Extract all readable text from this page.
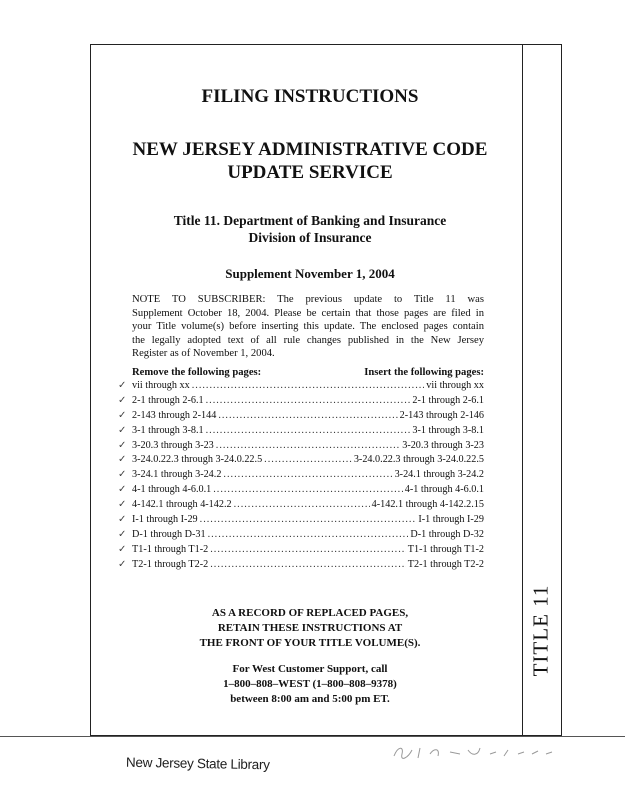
TITLE 11
FILING INSTRUCTIONS
NEW JERSEY ADMINISTRATIVE CODE
UPDATE SERVICE
Title 11. Department of Banking and Insurance
Division of Insurance
Supplement November 1, 2004
NOTE TO SUBSCRIBER: The previous update to Title 11 was
Supplement October 18, 2004. Please be certain that those pages are filed in
your Title volume(s) before inserting this update. The enclosed pages contain
the legally adopted text of all rule changes published in the New Jersey
Register as of November 1, 2004.
Remove the following pages:	Insert the following pages:
✓ vii through xx .....	vii through xx
✓ 2-1 through 2-6.1 .....	2-1 through 2-6.1
✓ 2-143 through 2-144 .....	2-143 through 2-146
✓ 3-1 through 3-8.1 .....	3-1 through 3-8.1
✓ 3-20.3 through 3-23 .....	3-20.3 through 3-23
✓ 3-24.0.22.3 through 3-24.0.22.5 .....	3-24.0.22.3 through 3-24.0.22.5
✓ 3-24.1 through 3-24.2 .....	3-24.1 through 3-24.2
✓ 4-1 through 4-6.0.1 .....	4-1 through 4-6.0.1
✓ 4-142.1 through 4-142.2 .....	4-142.1 through 4-142.2.15
✓ I-1 through I-29 .....	I-1 through I-29
✓ D-1 through D-31 .....	D-1 through D-32
✓ T1-1 through T1-2 .....	T1-1 through T1-2
✓ T2-1 through T2-2 .....	T2-1 through T2-2
AS A RECORD OF REPLACED PAGES,
RETAIN THESE INSTRUCTIONS AT
THE FRONT OF YOUR TITLE VOLUME(S).
For West Customer Support, call
1–800–808–WEST (1–800–808–9378)
between 8:00 am and 5:00 pm ET.
New Jersey State Library
